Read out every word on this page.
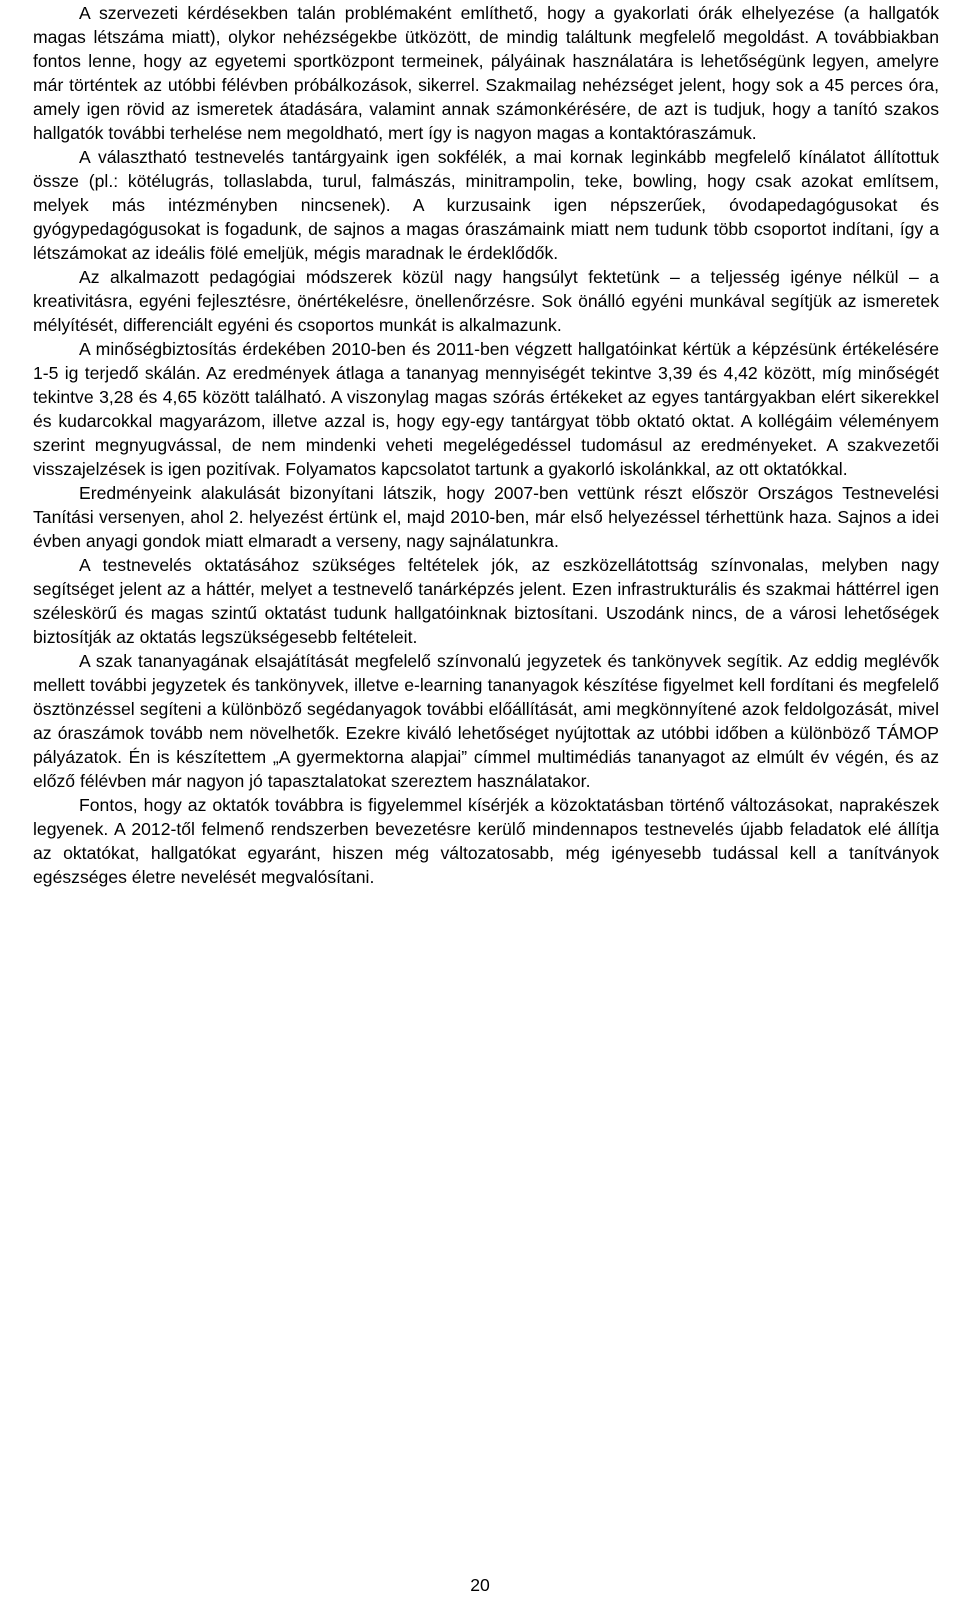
A szervezeti kérdésekben talán problémaként említhető, hogy a gyakorlati órák elhelyezése (a hallgatók magas létszáma miatt), olykor nehézségekbe ütközött, de mindig találtunk megfelelő megoldást. A továbbiakban fontos lenne, hogy az egyetemi sportközpont termeinek, pályáinak használatára is lehetőségünk legyen, amelyre már történtek az utóbbi félévben próbálkozások, sikerrel. Szakmailag nehézséget jelent, hogy sok a 45 perces óra, amely igen rövid az ismeretek átadására, valamint annak számonkérésére, de azt is tudjuk, hogy a tanító szakos hallgatók további terhelése nem megoldható, mert így is nagyon magas a kontaktóraszámuk.

A választható testnevelés tantárgyaink igen sokfélék, a mai kornak leginkább megfelelő kínálatot állítottuk össze (pl.: kötélugrás, tollaslabda, turul, falmászás, minitrampolin, teke, bowling, hogy csak azokat említsem, melyek más intézményben nincsenek). A kurzusaink igen népszerűek, óvodapedagógusokat és gyógypedagógusokat is fogadunk, de sajnos a magas óraszámaink miatt nem tudunk több csoportot indítani, így a létszámokat az ideális fölé emeljük, mégis maradnak le érdeklődők.

Az alkalmazott pedagógiai módszerek közül nagy hangsúlyt fektetünk – a teljesség igénye nélkül – a kreativitásra, egyéni fejlesztésre, önértékelésre, önellenőrzésre. Sok önálló egyéni munkával segítjük az ismeretek mélyítését, differenciált egyéni és csoportos munkát is alkalmazunk.

A minőségbiztosítás érdekében 2010-ben és 2011-ben végzett hallgatóinkat kértük a képzésünk értékelésére 1-5 ig terjedő skálán. Az eredmények átlaga a tananyag mennyiségét tekintve 3,39 és 4,42 között, míg minőségét tekintve 3,28 és 4,65 között található. A viszonylag magas szórás értékeket az egyes tantárgyakban elért sikerekkel és kudarcokkal magyarázom, illetve azzal is, hogy egy-egy tantárgyat több oktató oktat. A kollégáim véleményem szerint megnyugvással, de nem mindenki veheti megelégedéssel tudomásul az eredményeket. A szakvezetői visszajelzések is igen pozitívak. Folyamatos kapcsolatot tartunk a gyakorló iskolánkkal, az ott oktatókkal.

Eredményeink alakulását bizonyítani látszik, hogy 2007-ben vettünk részt először Országos Testnevelési Tanítási versenyen, ahol 2. helyezést értünk el, majd 2010-ben, már első helyezéssel térhettünk haza. Sajnos a idei évben anyagi gondok miatt elmaradt a verseny, nagy sajnálatunkra.

A testnevelés oktatásához szükséges feltételek jók, az eszközellátottság színvonalas, melyben nagy segítséget jelent az a háttér, melyet a testnevelő tanárképzés jelent. Ezen infrastrukturális és szakmai háttérrel igen széleskörű és magas szintű oktatást tudunk hallgatóinknak biztosítani. Uszodánk nincs, de a városi lehetőségek biztosítják az oktatás legszükségesebb feltételeit.

A szak tananyagának elsajátítását megfelelő színvonalú jegyzetek és tankönyvek segítik. Az eddig meglévők mellett további jegyzetek és tankönyvek, illetve e-learning tananyagok készítése figyelmet kell fordítani és megfelelő ösztönzéssel segíteni a különböző segédanyagok további előállítását, ami megkönnyítené azok feldolgozását, mivel az óraszámok tovább nem növelhetők. Ezekre kiváló lehetőséget nyújtottak az utóbbi időben a különböző TÁMOP pályázatok. Én is készítettem „A gyermektorna alapjai” címmel multimédiás tananyagot az elmúlt év végén, és az előző félévben már nagyon jó tapasztalatokat szereztem használatakor.

Fontos, hogy az oktatók továbbra is figyelemmel kísérjék a közoktatásban történő változásokat, naprakészek legyenek. A 2012-től felmenő rendszerben bevezetésre kerülő mindennapos testnevelés újabb feladatok elé állítja az oktatókat, hallgatókat egyaránt, hiszen még változatosabb, még igényesebb tudással kell a tanítványok egészséges életre nevelését megvalósítani.

20
